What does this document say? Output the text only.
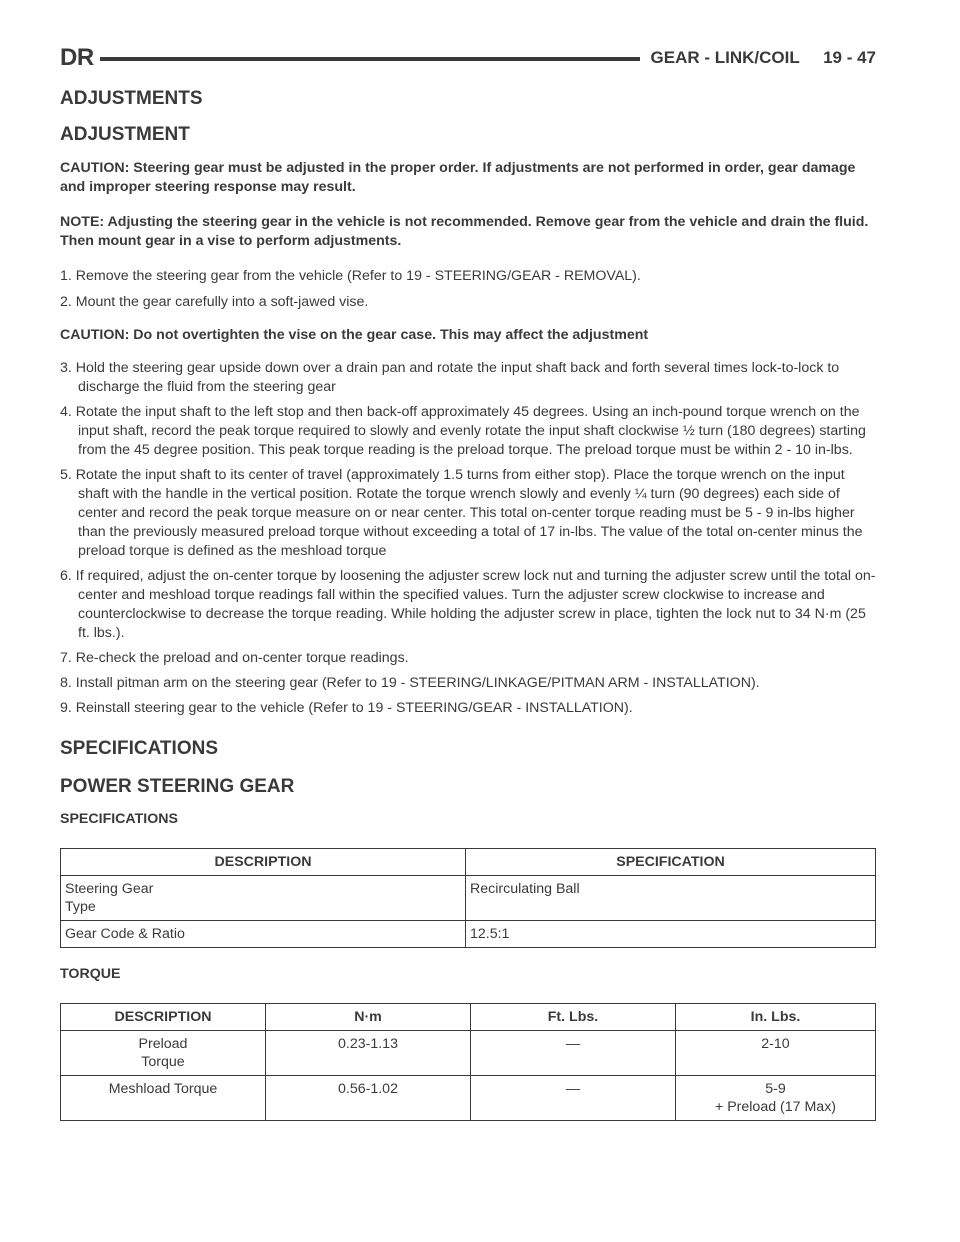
DR	GEAR - LINK/COIL     19 - 47
ADJUSTMENTS
ADJUSTMENT

CAUTION: Steering gear must be adjusted in the proper order. If adjustments are not performed in order, gear damage and improper steering response may result.

NOTE: Adjusting the steering gear in the vehicle is not recommended. Remove gear from the vehicle and drain the fluid. Then mount gear in a vise to perform adjustments.

1. Remove the steering gear from the vehicle (Refer to 19 - STEERING/GEAR - REMOVAL).

2. Mount the gear carefully into a soft-jawed vise.

CAUTION: Do not overtighten the vise on the gear case. This may affect the adjustment

3. Hold the steering gear upside down over a drain pan and rotate the input shaft back and forth several times lock-to-lock to discharge the fluid from the steering gear

4. Rotate the input shaft to the left stop and then back-off approximately 45 degrees. Using an inch-pound torque wrench on the input shaft, record the peak torque required to slowly and evenly rotate the input shaft clockwise ½ turn (180 degrees) starting from the 45 degree position. This peak torque reading is the preload torque. The preload torque must be within 2 - 10 in-lbs.

5. Rotate the input shaft to its center of travel (approximately 1.5 turns from either stop). Place the torque wrench on the input shaft with the handle in the vertical position. Rotate the torque wrench slowly and evenly ¼ turn (90 degrees) each side of center and record the peak torque measure on or near center. This total on-center torque reading must be 5 - 9 in-lbs higher than the previously measured preload torque without exceeding a total of 17 in-lbs. The value of the total on-center minus the preload torque is defined as the meshload torque

6. If required, adjust the on-center torque by loosening the adjuster screw lock nut and turning the adjuster screw until the total on-center and meshload torque readings fall within the specified values. Turn the adjuster screw clockwise to increase and counterclockwise to decrease the torque reading. While holding the adjuster screw in place, tighten the lock nut to 34 N·m (25 ft. lbs.).

7. Re-check the preload and on-center torque readings.

8. Install pitman arm on the steering gear (Refer to 19 - STEERING/LINKAGE/PITMAN ARM - INSTALLATION).

9. Reinstall steering gear to the vehicle (Refer to 19 - STEERING/GEAR - INSTALLATION).

SPECIFICATIONS
POWER STEERING GEAR

SPECIFICATIONS

DESCRIPTION	SPECIFICATION

Steering Gear
Type	Recirculating Ball
Gear Code & Ratio	12.5:1

TORQUE

DESCRIPTION	N·m	Ft. Lbs.	In. Lbs.

Preload
Torque	0.23-1.13	—	2-10

Meshload Torque	0.56-1.02	—	5-9
+ Preload (17 Max)
